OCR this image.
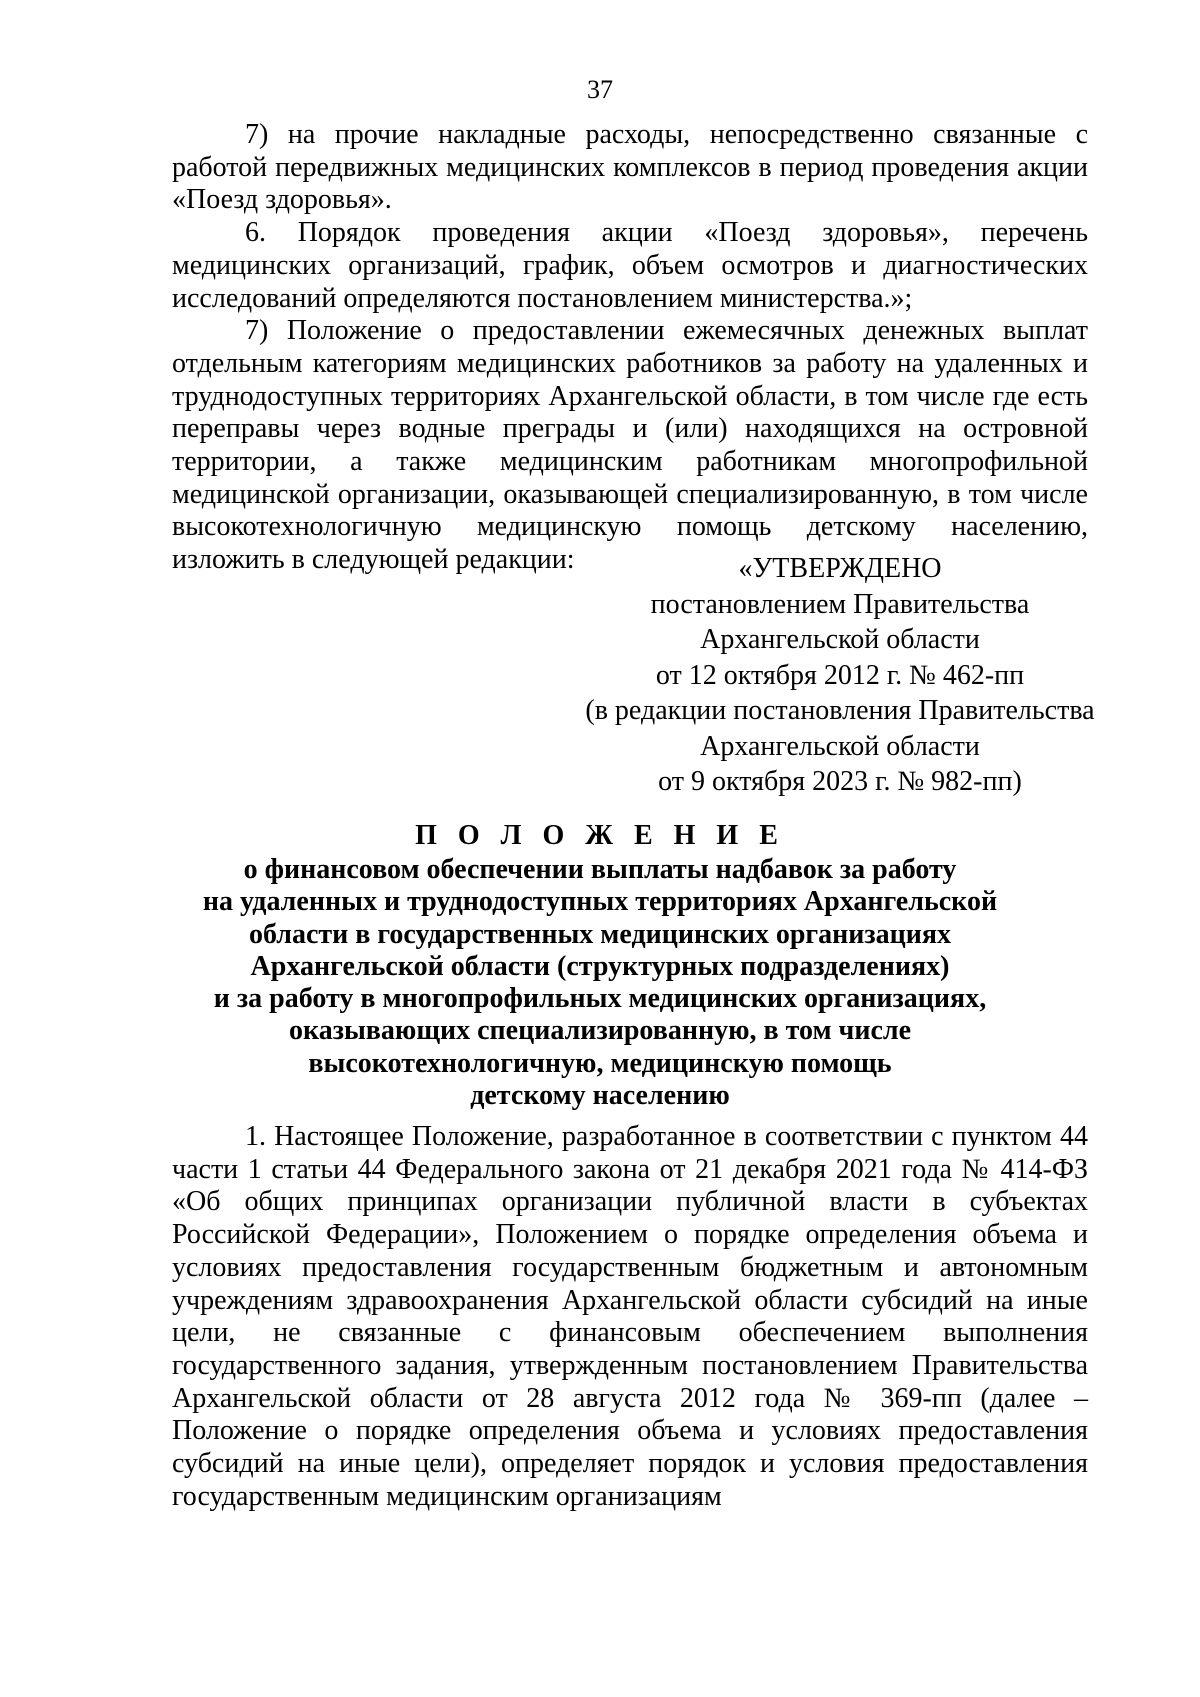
37

7) на прочие накладные расходы, непосредственно связанные с работой передвижных медицинских комплексов в период проведения акции «Поезд здоровья».

6. Порядок проведения акции «Поезд здоровья», перечень медицинских организаций, график, объем осмотров и диагностических исследований определяются постановлением министерства.»;

7) Положение о предоставлении ежемесячных денежных выплат отдельным категориям медицинских работников за работу на удаленных и труднодоступных территориях Архангельской области, в том числе где есть переправы через водные преграды и (или) находящихся на островной территории, а также медицинским работникам многопрофильной медицинской организации, оказывающей специализированную, в том числе высокотехнологичную медицинскую помощь детскому населению, изложить в следующей редакции:	«УТВЕРЖДЕНО
постановлением Правительства
Архангельской области
от 12 октября 2012 г. № 462-пп
(в редакции постановления Правительства
Архангельской области
от 9 октября 2023 г. № 982-пп)
П О Л О Ж Е Н И Е
о финансовом обеспечении выплаты надбавок за работу
на удаленных и труднодоступных территориях Архангельской
области в государственных медицинских организациях
Архангельской области (структурных подразделениях)
и за работу в многопрофильных медицинских организациях,
оказывающих специализированную, в том числе
высокотехнологичную, медицинскую помощь
детскому населению

1. Настоящее Положение, разработанное в соответствии с пунктом 44 части 1 статьи 44 Федерального закона от 21 декабря 2021 года № 414-ФЗ «Об общих принципах организации публичной власти в субъектах Российской Федерации», Положением о порядке определения объема и условиях предоставления государственным бюджетным и автономным учреждениям здравоохранения Архангельской области субсидий на иные цели, не связанные с финансовым обеспечением выполнения государственного задания, утвержденным постановлением Правительства Архангельской области от 28 августа 2012 года № 369-пп (далее – Положение о порядке определения объема и условиях предоставления субсидий на иные цели), определяет порядок и условия предоставления государственным медицинским организациям
